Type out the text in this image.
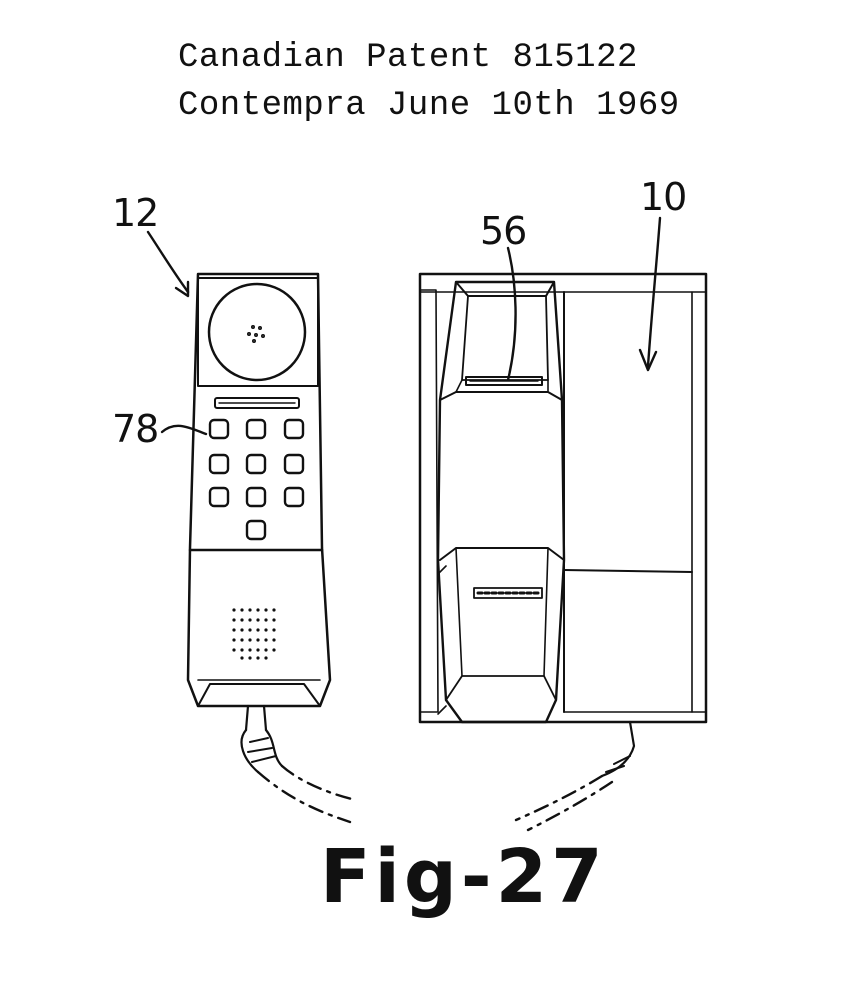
Canadian Patent 815122
Contempra June 10th 1969
12	10
56
78
Fig-27
